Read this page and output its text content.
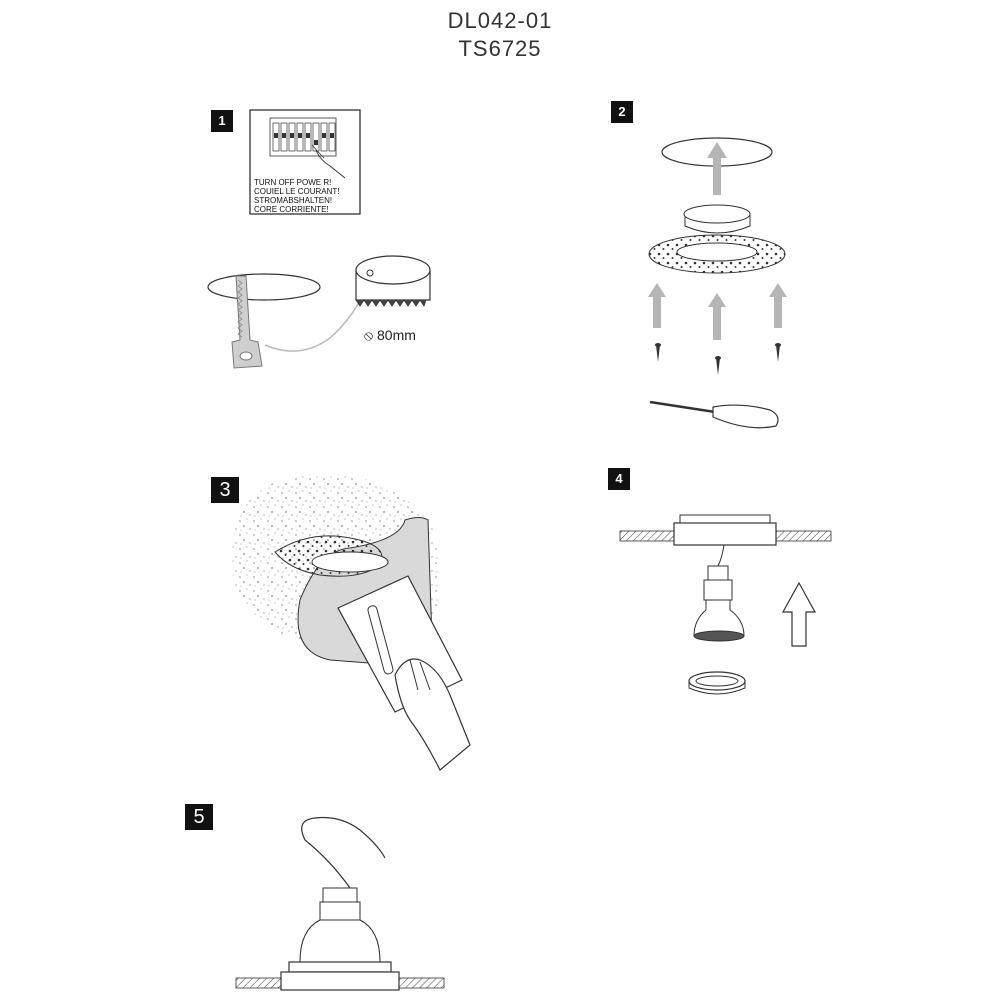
DL042-01
TS6725
1
2
3
4
5
TURN OFF POWE R!
COUIEL LE COURANT!
STROMABSHALTEN!
CORE CORRIENTE!
⦸ 80mm
